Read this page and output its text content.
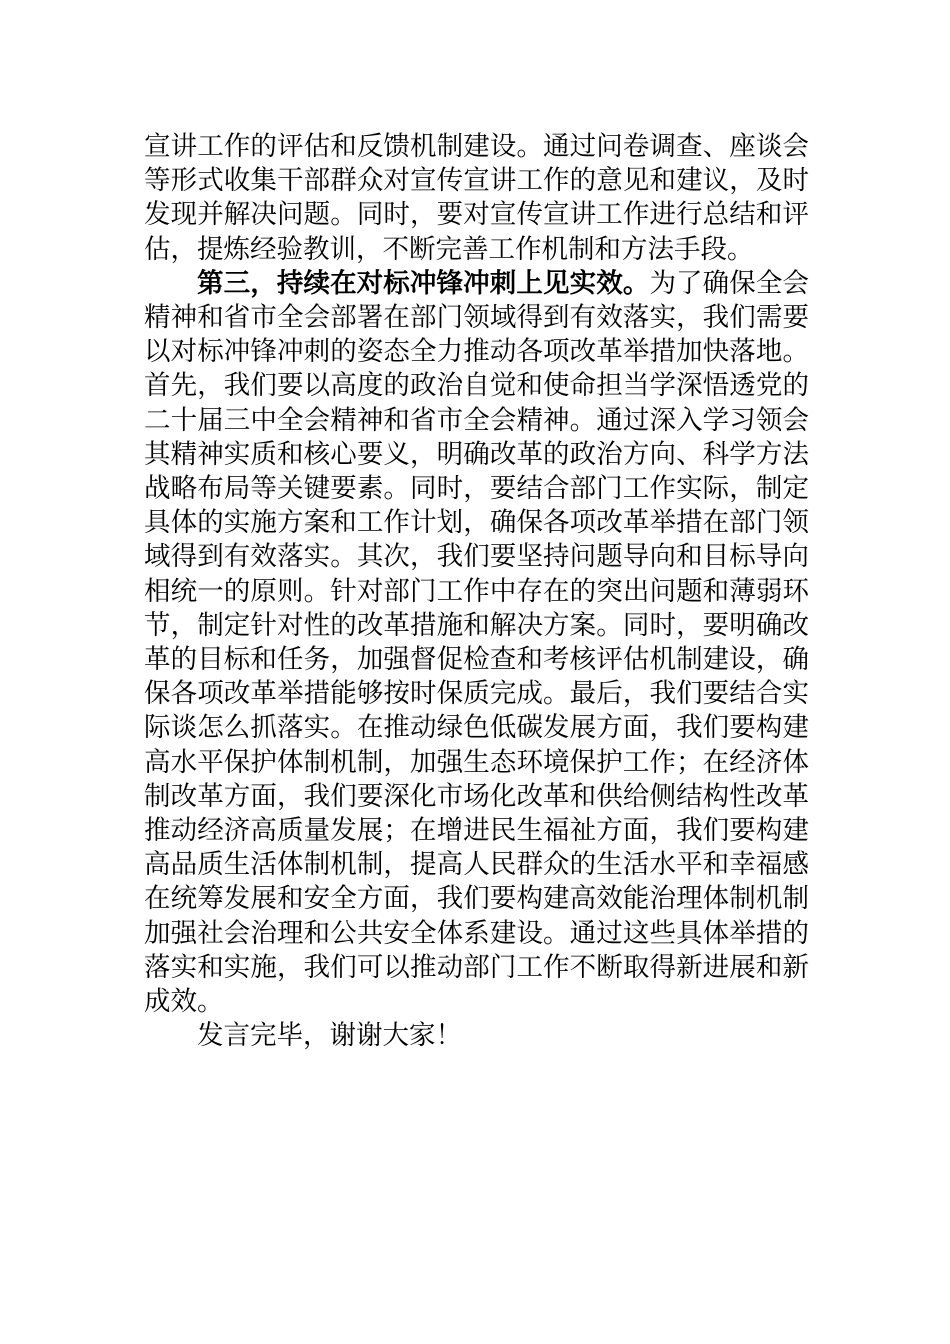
宣讲工作的评估和反馈机制建设。通过问卷调查、座谈会等形式收集干部群众对宣传宣讲工作的意见和建议，及时发现并解决问题。同时，要对宣传宣讲工作进行总结和评估，提炼经验教训，不断完善工作机制和方法手段。

第三，持续在对标冲锋冲刺上见实效。为了确保全会精神和省市全会部署在部门领域得到有效落实，我们需要以对标冲锋冲刺的姿态全力推动各项改革举措加快落地。首先，我们要以高度的政治自觉和使命担当学深悟透党的二十届三中全会精神和省市全会精神。通过深入学习领会其精神实质和核心要义，明确改革的政治方向、科学方法战略布局等关键要素。同时，要结合部门工作实际，制定具体的实施方案和工作计划，确保各项改革举措在部门领域得到有效落实。其次，我们要坚持问题导向和目标导向相统一的原则。针对部门工作中存在的突出问题和薄弱环节，制定针对性的改革措施和解决方案。同时，要明确改革的目标和任务，加强督促检查和考核评估机制建设，确保各项改革举措能够按时保质完成。最后，我们要结合实际谈怎么抓落实。在推动绿色低碳发展方面，我们要构建高水平保护体制机制，加强生态环境保护工作；在经济体制改革方面，我们要深化市场化改革和供给侧结构性改革推动经济高质量发展；在增进民生福祉方面，我们要构建高品质生活体制机制，提高人民群众的生活水平和幸福感在统筹发展和安全方面，我们要构建高效能治理体制机制加强社会治理和公共安全体系建设。通过这些具体举措的落实和实施，我们可以推动部门工作不断取得新进展和新成效。

发言完毕，谢谢大家！
